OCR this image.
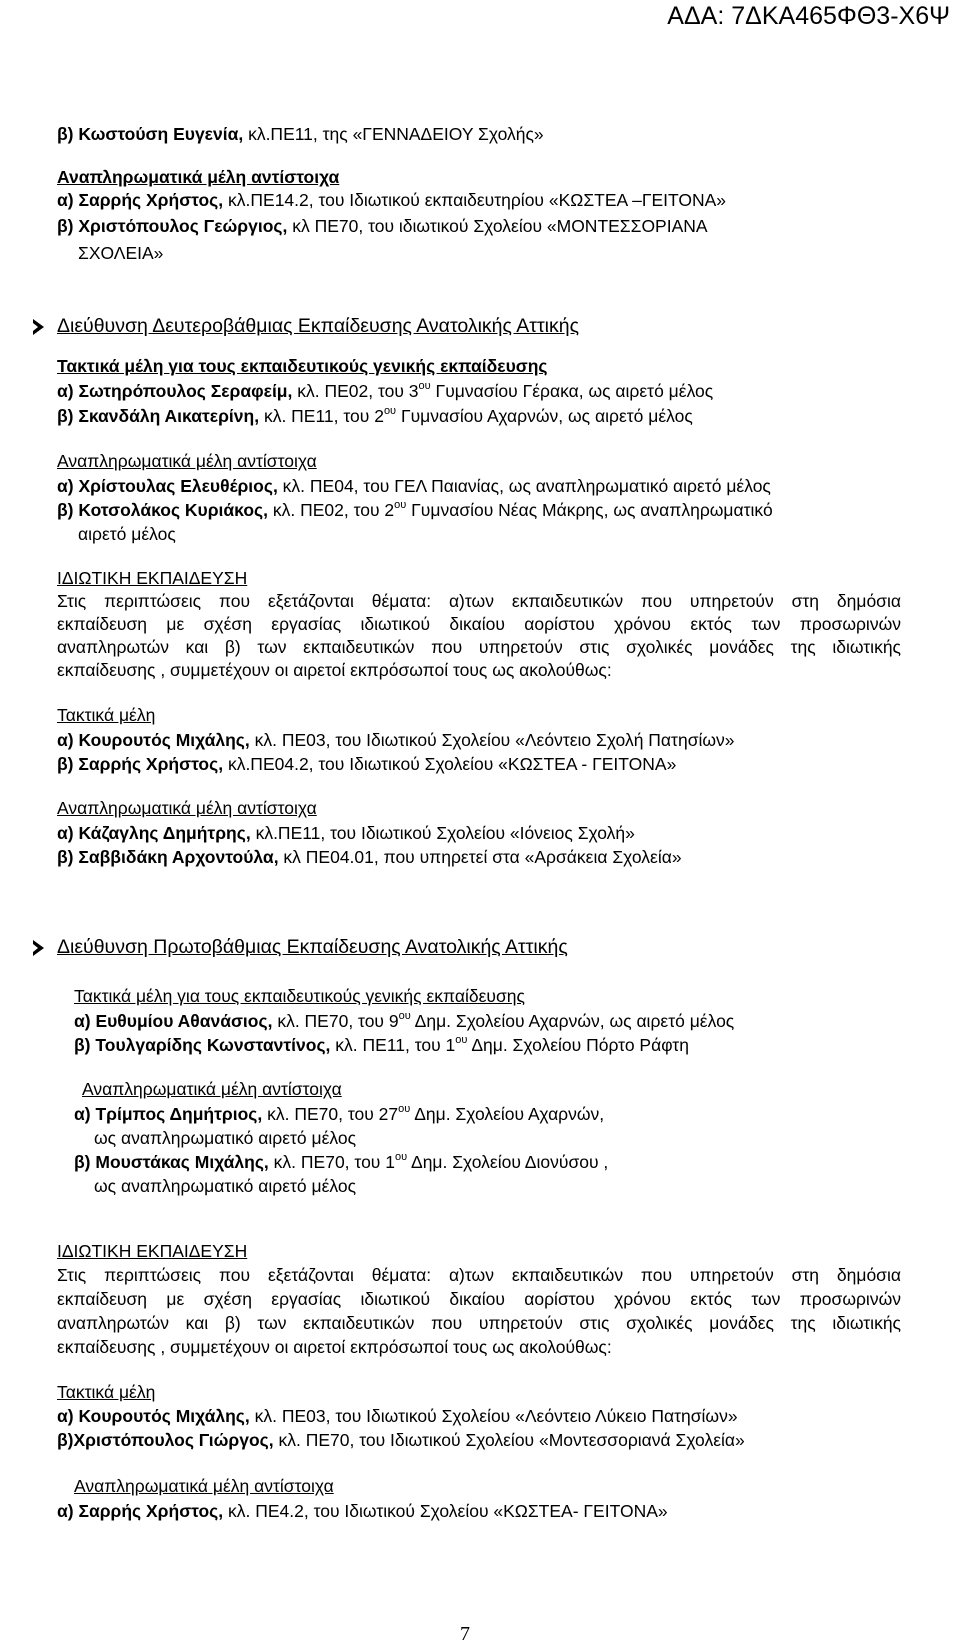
ΑΔΑ: 7ΔΚΑ465ΦΘ3-Χ6Ψ
β) Κωστούση Ευγενία, κλ.ΠΕ11, της «ΓΕΝΝΑΔΕΙΟΥ Σχολής»
Αναπληρωματικά μέλη αντίστοιχα
α) Σαρρής Χρήστος, κλ.ΠΕ14.2, του Ιδιωτικού εκπαιδευτηρίου «ΚΩΣΤΕΑ –ΓΕΙΤΟΝΑ»
β) Χριστόπουλος Γεώργιος, κλ ΠΕ70, του ιδιωτικού Σχολείου «ΜΟΝΤΕΣΣΟΡΙΑΝΑ
ΣΧΟΛΕΙΑ»
Διεύθυνση Δευτεροβάθμιας Εκπαίδευσης Ανατολικής Αττικής
Τακτικά μέλη για τους εκπαιδευτικούς γενικής εκπαίδευσης
α) Σωτηρόπουλος Σεραφείμ, κλ. ΠΕ02, του $3^{o\upsilon}$ Γυμνασίου Γέρακα, ως αιρετό μέλος
β) Σκανδάλη Αικατερίνη, κλ. ΠΕ11, του $2^{o\upsilon}$ Γυμνασίου Αχαρνών, ως αιρετό μέλος
Αναπληρωματικά μέλη αντίστοιχα
α) Χρίστουλας Ελευθέριος, κλ. ΠΕ04, του ΓΕΛ Παιανίας, ως αναπληρωματικό αιρετό μέλος
β) Κοτσολάκος Κυριάκος, κλ. ΠΕ02, του $2^{o\upsilon}$ Γυμνασίου Νέας Μάκρης, ως αναπληρωματικό
αιρετό μέλος
ΙΔΙΩΤΙΚΗ ΕΚΠΑΙΔΕΥΣΗ
Στις περιπτώσεις που εξετάζονται θέματα: α)των εκπαιδευτικών που υπηρετούν στη δημόσια
εκπαίδευση με σχέση εργασίας ιδιωτικού δικαίου αορίστου χρόνου εκτός των προσωρινών
αναπληρωτών και β) των εκπαιδευτικών που υπηρετούν στις σχολικές μονάδες της ιδιωτικής
εκπαίδευσης , συμμετέχουν οι αιρετοί εκπρόσωποί τους ως ακολούθως:
Τακτικά μέλη
α) Κουρουτός Μιχάλης, κλ. ΠΕ03, του Ιδιωτικού Σχολείου «Λεόντειο Σχολή Πατησίων»
β) Σαρρής Χρήστος, κλ.ΠΕ04.2, του Ιδιωτικού Σχολείου «ΚΩΣΤΕΑ - ΓΕΙΤΟΝΑ»
Αναπληρωματικά μέλη αντίστοιχα
α) Κάζαγλης Δημήτρης, κλ.ΠΕ11, του Ιδιωτικού Σχολείου «Ιόνειος Σχολή»
β) Σαββιδάκη Αρχοντούλα, κλ ΠΕ04.01, που υπηρετεί στα «Αρσάκεια Σχολεία»
Διεύθυνση Πρωτοβάθμιας Εκπαίδευσης Ανατολικής Αττικής
Τακτικά μέλη για τους εκπαιδευτικούς γενικής εκπαίδευσης
α) Ευθυμίου Αθανάσιος, κλ. ΠΕ70, του $9^{o\upsilon}$ Δημ. Σχολείου Αχαρνών, ως αιρετό μέλος
β) Τουλγαρίδης Κωνσταντίνος, κλ. ΠΕ11, του $1^{o\upsilon}$ Δημ. Σχολείου Πόρτο Ράφτη
Αναπληρωματικά μέλη αντίστοιχα
α) Τρίμπος Δημήτριος, κλ. ΠΕ70, του $27^{o\upsilon}$ Δημ. Σχολείου Αχαρνών,
ως αναπληρωματικό αιρετό μέλος
β) Μουστάκας Μιχάλης, κλ. ΠΕ70, του $1^{o\upsilon}$ Δημ. Σχολείου Διονύσου ,
ως αναπληρωματικό αιρετό μέλος
ΙΔΙΩΤΙΚΗ ΕΚΠΑΙΔΕΥΣΗ
Στις περιπτώσεις που εξετάζονται θέματα: α)των εκπαιδευτικών που υπηρετούν στη δημόσια
εκπαίδευση με σχέση εργασίας ιδιωτικού δικαίου αορίστου χρόνου εκτός των προσωρινών
αναπληρωτών και β) των εκπαιδευτικών που υπηρετούν στις σχολικές μονάδες της ιδιωτικής
εκπαίδευσης , συμμετέχουν οι αιρετοί εκπρόσωποί τους ως ακολούθως:
Τακτικά μέλη
α) Κουρουτός Μιχάλης, κλ. ΠΕ03, του Ιδιωτικού Σχολείου «Λεόντειο Λύκειο Πατησίων»
β)Χριστόπουλος Γιώργος, κλ. ΠΕ70, του Ιδιωτικού Σχολείου «Μοντεσσοριανά Σχολεία»
Αναπληρωματικά μέλη αντίστοιχα
α) Σαρρής Χρήστος, κλ. ΠΕ4.2, του Ιδιωτικού Σχολείου «ΚΩΣΤΕΑ- ΓΕΙΤΟΝΑ»
7
